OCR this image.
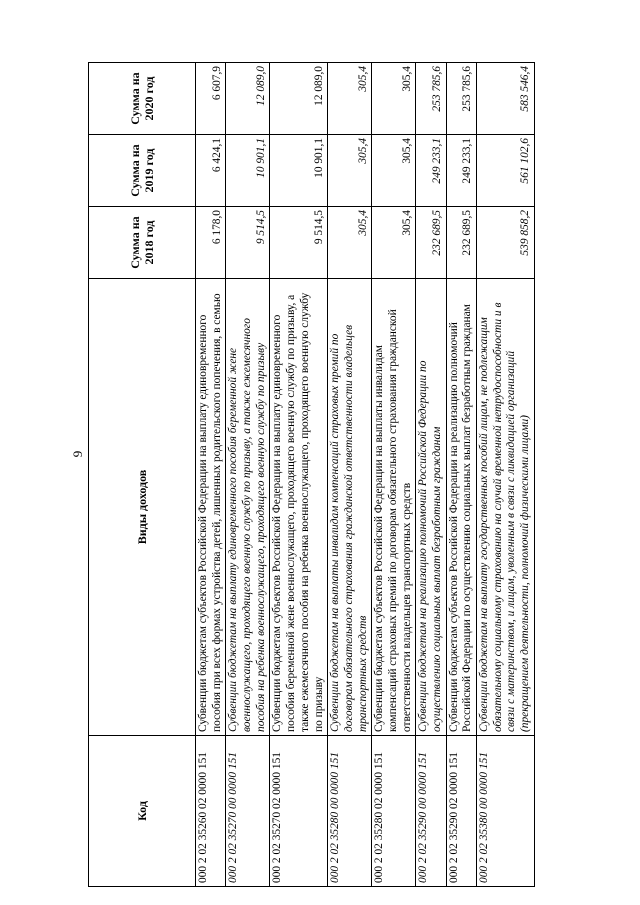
9
Код	Виды доходов	Сумма на 2018 год	Сумма на 2019 год	Сумма на 2020 год
000 2 02 35260 02 0000 151	Субвенции бюджетам субъектов Российской Федерации на выплату единовременного пособия при всех формах устройства детей, лишенных родительского попечения, в семью	6 178,0	6 424,1	6 607,9
000 2 02 35270 00 0000 151	Субвенции бюджетам на выплату единовременного пособия беременной жене военнослужащего, проходящего военную службу по призыву, а также ежемесячного пособия на ребенка военнослужащего, проходящего военную службу по призыву	9 514,5	10 901,1	12 089,0
000 2 02 35270 02 0000 151	Субвенции бюджетам субъектов Российской Федерации на выплату единовременного пособия беременной жене военнослужащего, проходящего военную службу по призыву, а также ежемесячного пособия на ребенка военнослужащего, проходящего военную службу по призыву	9 514,5	10 901,1	12 089,0
000 2 02 35280 00 0000 151	Субвенции бюджетам на выплаты инвалидам компенсаций страховых премий по договорам обязательного страхования гражданской ответственности владельцев транспортных средств	305,4	305,4	305,4
000 2 02 35280 02 0000 151	Субвенции бюджетам субъектов Российской Федерации на выплаты инвалидам компенсаций страховых премий по договорам обязательного страхования гражданской ответственности владельцев транспортных средств	305,4	305,4	305,4
000 2 02 35290 00 0000 151	Субвенции бюджетам на реализацию полномочий Российской Федерации по осуществлению социальных выплат безработным гражданам	232 689,5	249 233,1	253 785,6
000 2 02 35290 02 0000 151	Субвенции бюджетам субъектов Российской Федерации на реализацию полномочий Российской Федерации по осуществлению социальных выплат безработным гражданам	232 689,5	249 233,1	253 785,6
000 2 02 35380 00 0000 151	Субвенции бюджетам на выплату государственных пособий лицам, не подлежащим обязательному социальному страхованию на случай временной нетрудоспособности и в связи с материнством, и лицам, уволенным в связи с ликвидацией организаций (прекращением деятельности, полномочий физическими лицами)	539 858,2	561 102,6	583 546,4
